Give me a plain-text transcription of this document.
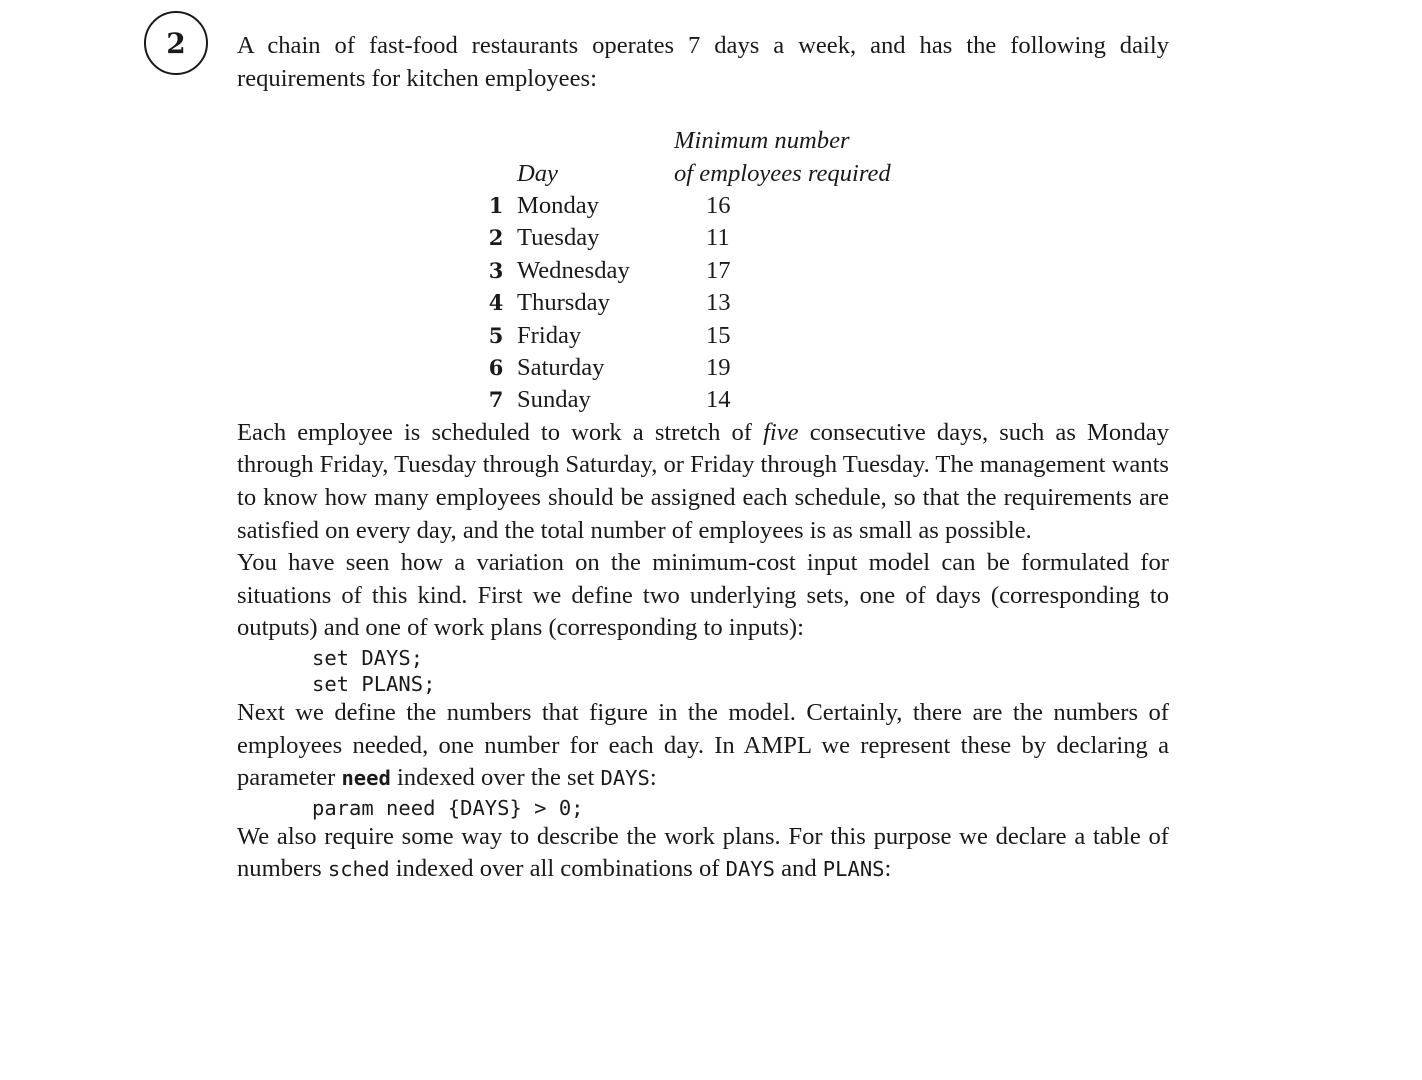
2 A chain of fast-food restaurants operates 7 days a week, and has the following daily requirements for kitchen employees:

	Day	Minimum number
of employees required

1	Monday	16
2	Tuesday	11
3	Wednesday	17
4	Thursday	13
5	Friday	15
6	Saturday	19
7	Sunday	14

Each employee is scheduled to work a stretch of five consecutive days, such as Monday through Friday, Tuesday through Saturday, or Friday through Tuesday. The management wants to know how many employees should be assigned each schedule, so that the requirements are satisfied on every day, and the total number of employees is as small as possible.

You have seen how a variation on the minimum-cost input model can be formulated for situations of this kind. First we define two underlying sets, one of days (corresponding to outputs) and one of work plans (corresponding to inputs):

set DAYS;
set PLANS;

Next we define the numbers that figure in the model. Certainly, there are the numbers of employees needed, one number for each day. In AMPL we represent these by declaring a parameter need indexed over the set DAYS:

param need {DAYS} > 0;

We also require some way to describe the work plans. For this purpose we declare a table of numbers sched indexed over all combinations of DAYS and PLANS:
